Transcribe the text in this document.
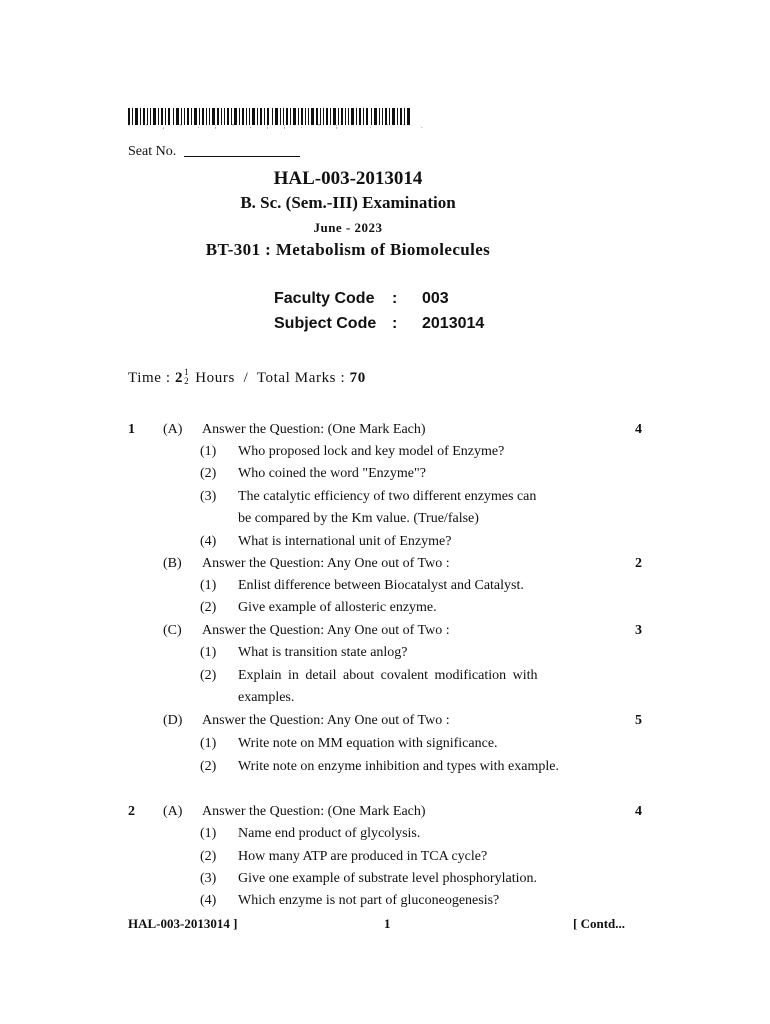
" ' , " . ; " . ; ; . " ; ' . ' " .
Seat No.
HAL-003-2013014
B. Sc. (Sem.-III) Examination
June - 2023
BT-301 : Metabolism of Biomolecules
Faculty Code : 003
Subject Code : 2013014
Time : 2 1
2 Hours / Total Marks : 70
1 (A) Answer the Question: (One Mark Each)	4
(1) Who proposed lock and key model of Enzyme?
(2) Who coined the word "Enzyme"?
(3) The catalytic efficiency of two different enzymes can
be compared by the Km value. (True/false)
(4) What is international unit of Enzyme?
(B) Answer the Question: Any One out of Two :	2
(1) Enlist difference between Biocatalyst and Catalyst.
(2) Give example of allosteric enzyme.
(C) Answer the Question: Any One out of Two :	3
(1) What is transition state anlog?
(2) Explain in detail about covalent modification with
examples.
(D) Answer the Question: Any One out of Two :	5
(1) Write note on MM equation with significance.
(2) Write note on enzyme inhibition and types with example.
2 (A) Answer the Question: (One Mark Each)	4
(1) Name end product of glycolysis.
(2) How many ATP are produced in TCA cycle?
(3) Give one example of substrate level phosphorylation.
(4) Which enzyme is not part of gluconeogenesis?
HAL-003-2013014 ]	1	[ Contd...
